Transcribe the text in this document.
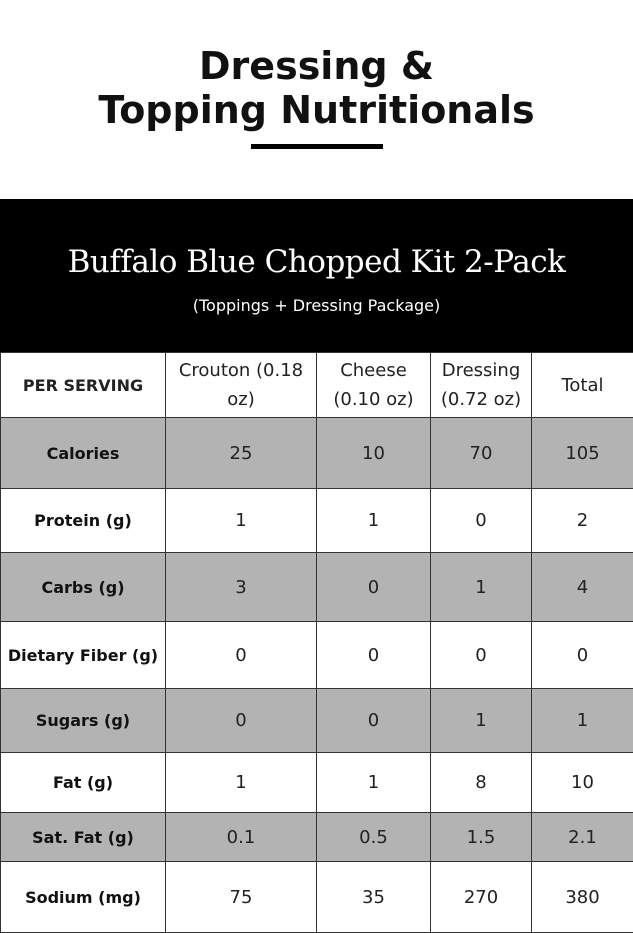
Dressing &
Topping Nutritionals
Buffalo Blue Chopped Kit 2-Pack
(Toppings + Dressing Package)
PER SERVING	Crouton (0.18 oz)	Cheese (0.10 oz)	Dressing (0.72 oz)	Total
Calories	25	10	70	105
Protein (g)	1	1	0	2
Carbs (g)	3	0	1	4
Dietary Fiber (g)	0	0	0	0
Sugars (g)	0	0	1	1
Fat (g)	1	1	8	10
Sat. Fat (g)	0.1	0.5	1.5	2.1
Sodium (mg)	75	35	270	380
